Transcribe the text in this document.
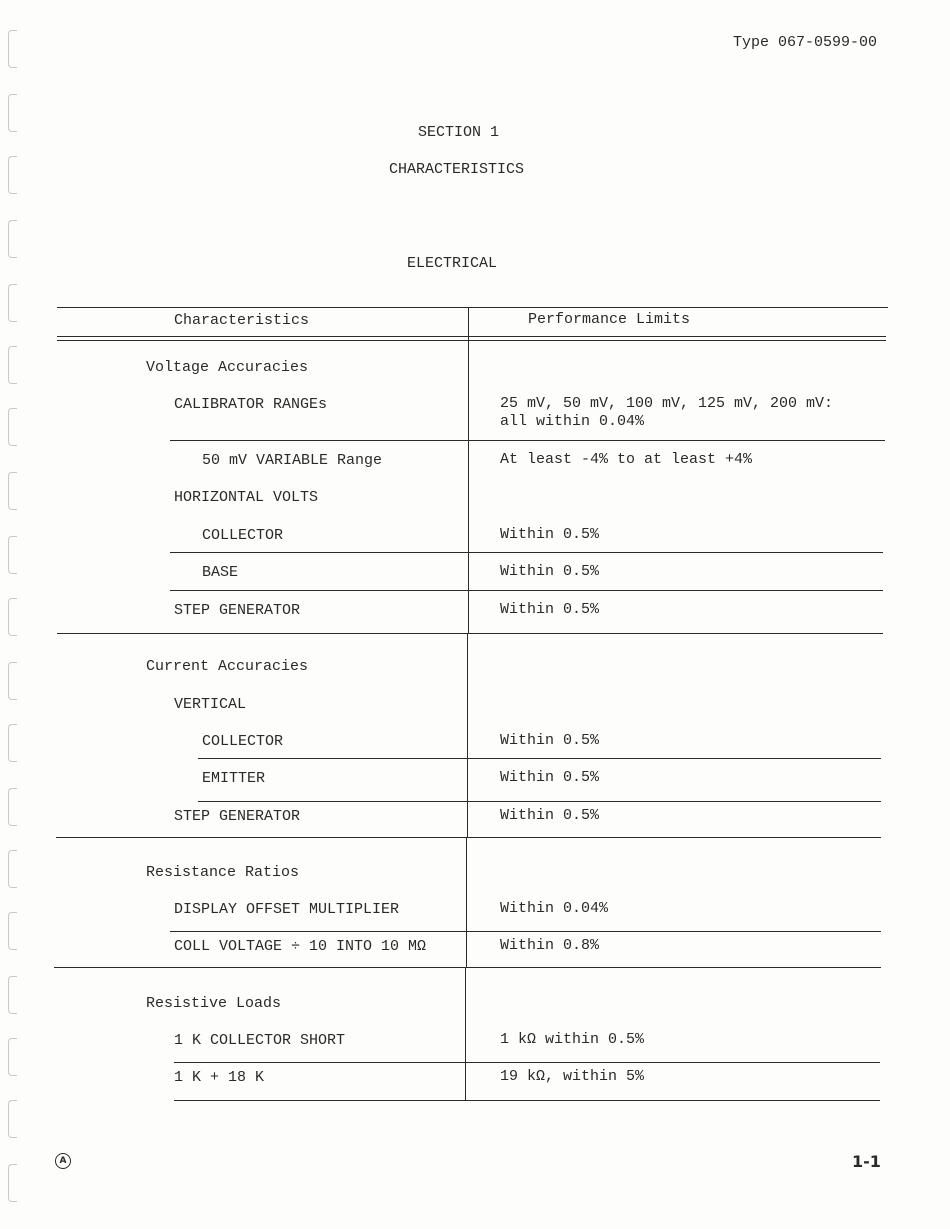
Type 067-0599-00
SECTION 1
CHARACTERISTICS
ELECTRICAL
Characteristics	Performance Limits
Voltage Accuracies
CALIBRATOR RANGEs	25 mV, 50 mV, 100 mV, 125 mV, 200 mV:
all within 0.04%
50 mV VARIABLE Range	At least -4% to at least +4%
HORIZONTAL VOLTS
COLLECTOR	Within 0.5%
BASE	Within 0.5%
STEP GENERATOR	Within 0.5%
Current Accuracies
VERTICAL
COLLECTOR	Within 0.5%
EMITTER	Within 0.5%
STEP GENERATOR	Within 0.5%
Resistance Ratios
DISPLAY OFFSET MULTIPLIER	Within 0.04%
COLL VOLTAGE ÷ 10 INTO 10 MΩ	Within 0.8%
Resistive Loads
1 K COLLECTOR SHORT	1 kΩ within 0.5%
1 K + 18 K	19 kΩ, within 5%
A	1-1
